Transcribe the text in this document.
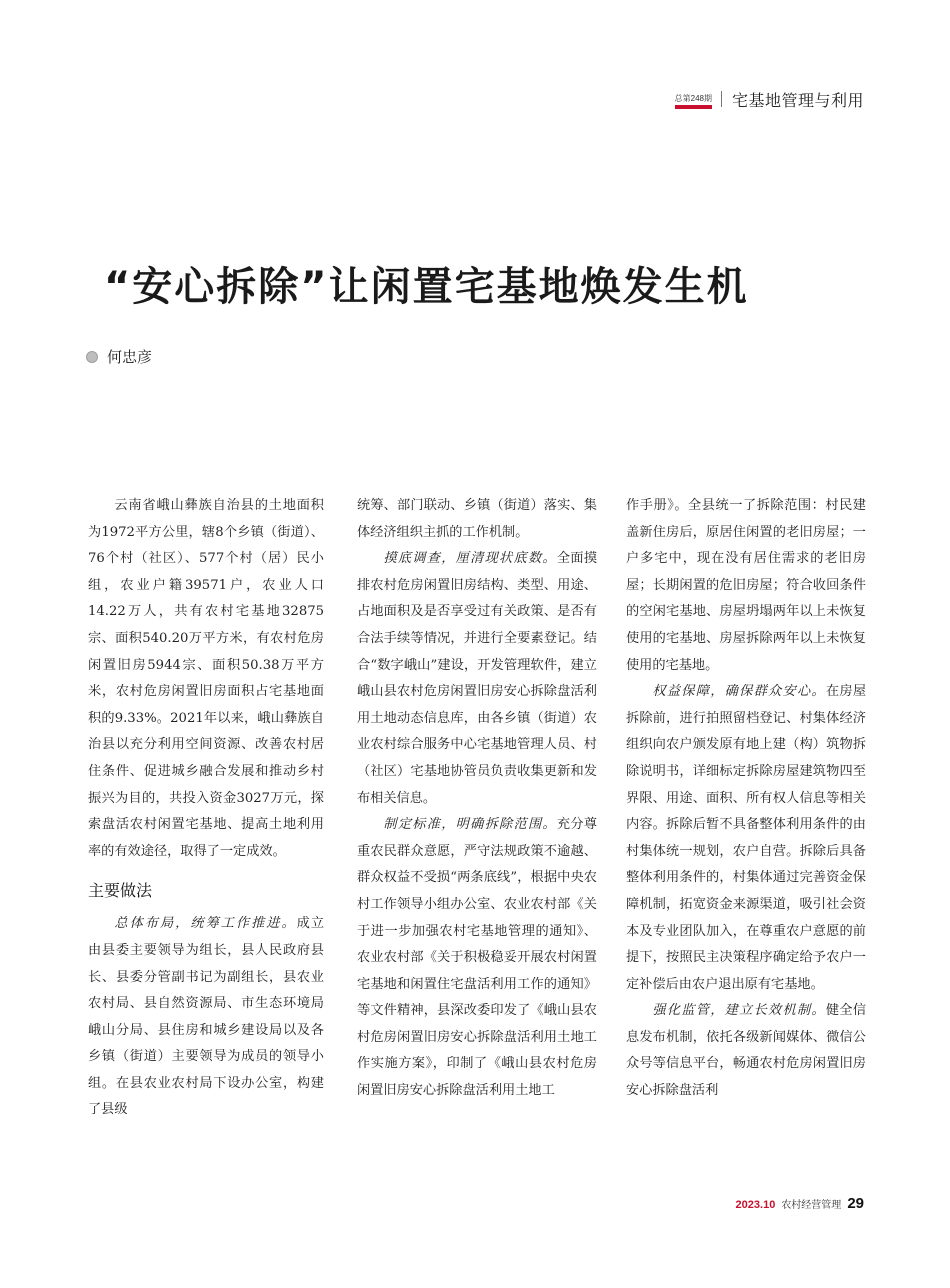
总第248期 宅基地管理与利用
“安心拆除”让闲置宅基地焕发生机
何忠彦

云南省峨山彝族自治县的土地面积为1972平方公里，辖8个乡镇（街道）、76个村（社区）、577个村（居）民小组，农业户籍39571户，农业人口14.22万人，共有农村宅基地32875宗、面积540.20万平方米，有农村危房闲置旧房5944宗、面积50.38万平方米，农村危房闲置旧房面积占宅基地面积的9.33%。2021年以来，峨山彝族自治县以充分利用空间资源、改善农村居住条件、促进城乡融合发展和推动乡村振兴为目的，共投入资金3027万元，探索盘活农村闲置宅基地、提高土地利用率的有效途径，取得了一定成效。

主要做法

总体布局，统筹工作推进。成立由县委主要领导为组长，县人民政府县长、县委分管副书记为副组长，县农业农村局、县自然资源局、市生态环境局峨山分局、县住房和城乡建设局以及各乡镇（街道）主要领导为成员的领导小组。在县农业农村局下设办公室，构建了县级

统筹、部门联动、乡镇（街道）落实、集体经济组织主抓的工作机制。

摸底调查，厘清现状底数。全面摸排农村危房闲置旧房结构、类型、用途、占地面积及是否享受过有关政策、是否有合法手续等情况，并进行全要素登记。结合“数字峨山”建设，开发管理软件，建立峨山县农村危房闲置旧房安心拆除盘活利用土地动态信息库，由各乡镇（街道）农业农村综合服务中心宅基地管理人员、村（社区）宅基地协管员负责收集更新和发布相关信息。

制定标准，明确拆除范围。充分尊重农民群众意愿，严守法规政策不逾越、群众权益不受损“两条底线”，根据中央农村工作领导小组办公室、农业农村部《关于进一步加强农村宅基地管理的通知》、农业农村部《关于积极稳妥开展农村闲置宅基地和闲置住宅盘活利用工作的通知》等文件精神，县深改委印发了《峨山县农村危房闲置旧房安心拆除盘活利用土地工作实施方案》，印制了《峨山县农村危房闲置旧房安心拆除盘活利用土地工

作手册》。全县统一了拆除范围：村民建盖新住房后，原居住闲置的老旧房屋；一户多宅中，现在没有居住需求的老旧房屋；长期闲置的危旧房屋；符合收回条件的空闲宅基地、房屋坍塌两年以上未恢复使用的宅基地、房屋拆除两年以上未恢复使用的宅基地。

权益保障，确保群众安心。在房屋拆除前，进行拍照留档登记、村集体经济组织向农户颁发原有地上建（构）筑物拆除说明书，详细标定拆除房屋建筑物四至界限、用途、面积、所有权人信息等相关内容。拆除后暂不具备整体利用条件的由村集体统一规划，农户自营。拆除后具备整体利用条件的，村集体通过完善资金保障机制，拓宽资金来源渠道，吸引社会资本及专业团队加入，在尊重农户意愿的前提下，按照民主决策程序确定给予农户一定补偿后由农户退出原有宅基地。

强化监管，建立长效机制。健全信息发布机制，依托各级新闻媒体、微信公众号等信息平台，畅通农村危房闲置旧房安心拆除盘活利

2023.10 农村经营管理 29
